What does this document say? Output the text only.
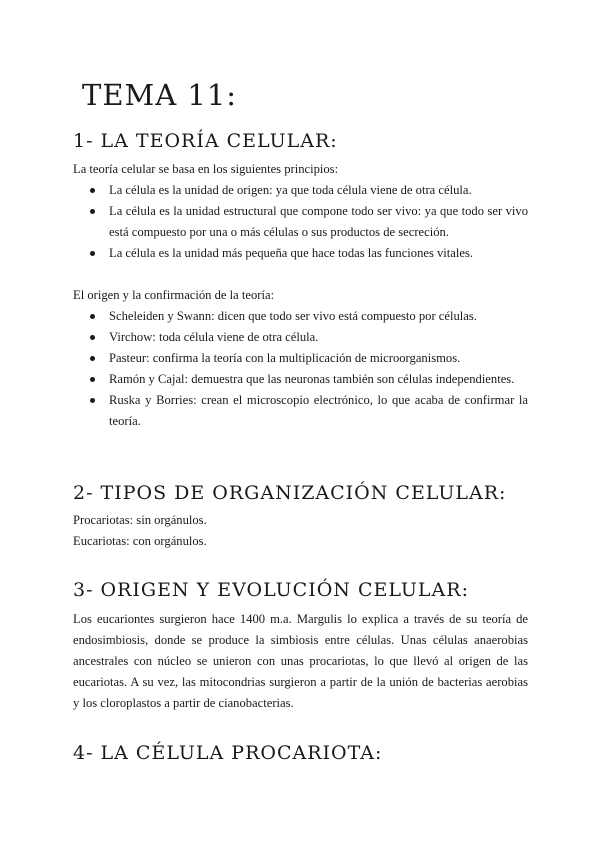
TEMA 11:
1- LA TEORÍA CELULAR:

La teoría celular se basa en los siguientes principios:

La célula es la unidad de origen: ya que toda célula viene de otra célula.
La célula es la unidad estructural que compone todo ser vivo: ya que todo ser vivo está compuesto por una o más células o sus productos de secreción.
La célula es la unidad más pequeña que hace todas las funciones vitales.

El origen y la confirmación de la teoría:

Scheleiden y Swann: dicen que todo ser vivo está compuesto por células.
Virchow: toda célula viene de otra célula.
Pasteur: confirma la teoría con la multiplicación de microorganismos.
Ramón y Cajal: demuestra que las neuronas también son células independientes.
Ruska y Borries: crean el microscopio electrónico, lo que acaba de confirmar la teoría.
2- TIPOS DE ORGANIZACIÓN CELULAR:

Procariotas: sin orgánulos.

Eucariotas: con orgánulos.

3- ORIGEN Y EVOLUCIÓN CELULAR:

Los eucariontes surgieron hace 1400 m.a. Margulis lo explica a través de su teoría de endosimbiosis, donde se produce la simbiosis entre células. Unas células anaerobias ancestrales con núcleo se unieron con unas procariotas, lo que llevó al origen de las eucariotas. A su vez, las mitocondrias surgieron a partir de la unión de bacterias aerobias y los cloroplastos a partir de cianobacterias.

4- LA CÉLULA PROCARIOTA:
